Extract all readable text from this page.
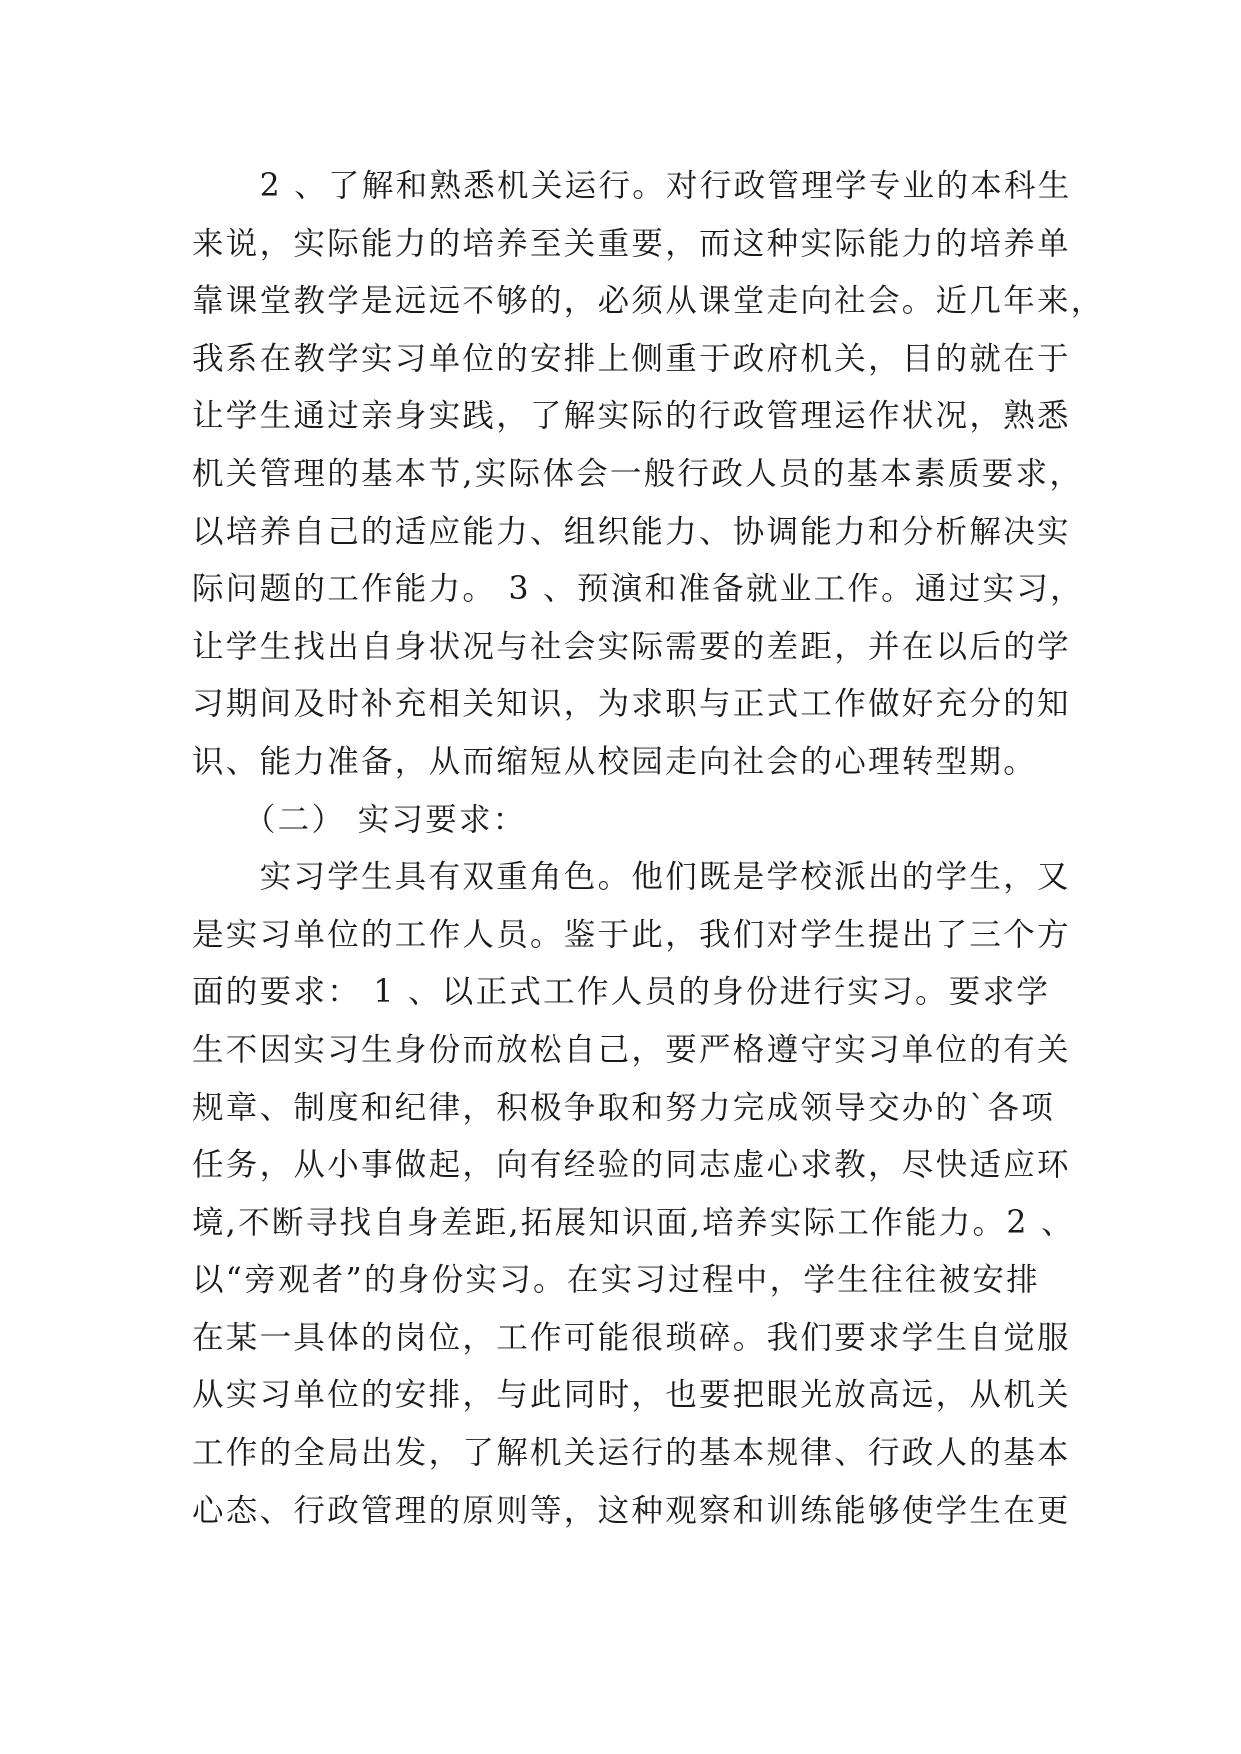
　　2 、了解和熟悉机关运行。对行政管理学专业的本科生
来说，实际能力的培养至关重要，而这种实际能力的培养单
靠课堂教学是远远不够的，必须从课堂走向社会。近几年来，
我系在教学实习单位的安排上侧重于政府机关，目的就在于
让学生通过亲身实践，了解实际的行政管理运作状况，熟悉
机关管理的基本节,实际体会一般行政人员的基本素质要求，
以培养自己的适应能力、组织能力、协调能力和分析解决实
际问题的工作能力。 3 、预演和准备就业工作。通过实习，
让学生找出自身状况与社会实际需要的差距，并在以后的学
习期间及时补充相关知识，为求职与正式工作做好充分的知
识、能力准备，从而缩短从校园走向社会的心理转型期。
　　（二） 实习要求：
　　实习学生具有双重角色。他们既是学校派出的学生，又
是实习单位的工作人员。鉴于此，我们对学生提出了三个方
面的要求： 1 、以正式工作人员的身份进行实习。要求学
生不因实习生身份而放松自己，要严格遵守实习单位的有关
规章、制度和纪律，积极争取和努力完成领导交办的`各项
任务，从小事做起，向有经验的同志虚心求教，尽快适应环
境,不断寻找自身差距,拓展知识面,培养实际工作能力。2 、
以“旁观者”的身份实习。在实习过程中，学生往往被安排
在某一具体的岗位，工作可能很琐碎。我们要求学生自觉服
从实习单位的安排，与此同时，也要把眼光放高远，从机关
工作的全局出发，了解机关运行的基本规律、行政人的基本
心态、行政管理的原则等，这种观察和训练能够使学生在更
